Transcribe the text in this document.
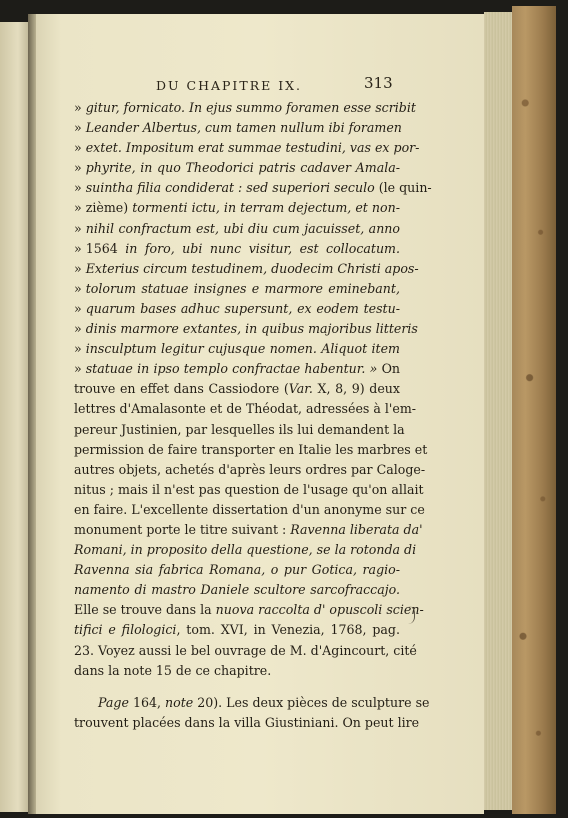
DU CHAPITRE IX.	313
» gitur, fornicato. In ejus summo foramen esse scribit
» Leander Albertus, cum tamen nullum ibi foramen
» extet. Impositum erat summae testudini, vas ex por-
» phyrite, in quo Theodorici patris cadaver Amala-
» suintha filia condiderat : sed superiori seculo (le quin-
» zième) tormenti ictu, in terram dejectum, et non-
» nihil confractum est, ubi diu cum jacuisset, anno
» 1564 in foro, ubi nunc visitur, est collocatum.
» Exterius circum testudinem, duodecim Christi apos-
» tolorum statuae insignes e marmore eminebant,
» quarum bases adhuc supersunt, ex eodem testu-
» dinis marmore extantes, in quibus majoribus litteris
» insculptum legitur cujusque nomen. Aliquot item
» statuae in ipso templo confractae habentur. » On
trouve en effet dans Cassiodore (Var. X, 8, 9) deux
lettres d'Amalasonte et de Théodat, adressées à l'em-
pereur Justinien, par lesquelles ils lui demandent la
permission de faire transporter en Italie les marbres et
autres objets, achetés d'après leurs ordres par Caloge-
nitus ; mais il n'est pas question de l'usage qu'on allait
en faire. L'excellente dissertation d'un anonyme sur ce
monument porte le titre suivant : Ravenna liberata da'
Romani, in proposito della questione, se la rotonda di
Ravenna sia fabrica Romana, o pur Gotica, ragio-
namento di mastro Daniele scultore sarcofraccajo.
Elle se trouve dans la nuova raccolta d' opuscoli scien-
tifici e filologici, tom. XVI, in Venezia, 1768, pag.
23. Voyez aussi le bel ouvrage de M. d'Agincourt, cité
dans la note 15 de ce chapitre.
Page 164, note 20). Les deux pièces de sculpture se
trouvent placées dans la villa Giustiniani. On peut lire
